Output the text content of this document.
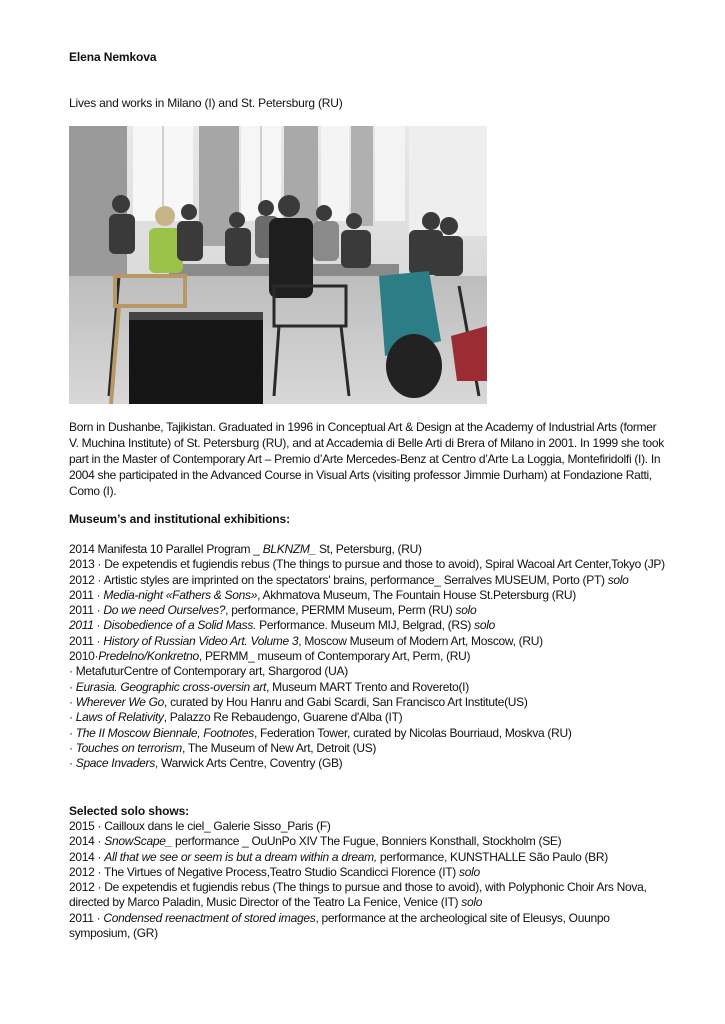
Elena Nemkova
Lives and works in Milano (I) and St. Petersburg (RU)
Born in Dushanbe, Tajikistan. Graduated in 1996 in Conceptual Art & Design at the Academy of Industrial Arts (former V. Muchina Institute) of St. Petersburg (RU), and at Accademia di Belle Arti di Brera of Milano in 2001. In 1999 she took part in the Master of Contemporary Art – Premio d’Arte Mercedes-Benz at Centro d’Arte La Loggia, Montefiridolfi (I). In 2004 she participated in the Advanced Course in Visual Arts (visiting professor Jimmie Durham) at Fondazione Ratti, Como (I).
Museum’s and institutional exhibitions:
2014 Manifesta 10 Parallel Program _ BLKNZM_ St, Petersburg, (RU)
2013 · De expetendis et fugiendis rebus (The things to pursue and those to avoid), Spiral Wacoal Art Center,Tokyo (JP)
2012 · Artistic styles are imprinted on the spectators' brains, performance_ Serralves MUSEUM, Porto (PT) solo
2011 · Media-night «Fathers & Sons», Akhmatova Museum, The Fountain House St.Petersburg (RU)
2011 · Do we need Ourselves?, performance, PERMM Museum, Perm (RU) solo
2011 · Disobedience of a Solid Mass. Performance. Museum MIJ, Belgrad, (RS) solo
2011 · History of Russian Video Art. Volume 3, Moscow Museum of Modern Art, Moscow, (RU)
2010·Predelno/Konkretno, PERMM_ museum of Contemporary Art, Perm, (RU)
· MetafuturCentre of Contemporary art, Shargorod (UA)
· Eurasia. Geographic cross-oversin art, Museum MART Trento and Rovereto(I)
· Wherever We Go, curated by Hou Hanru and Gabi Scardi, San Francisco Art Institute(US)
· Laws of Relativity, Palazzo Re Rebaudengo, Guarene d'Alba (IT)
· The II Moscow Biennale, Footnotes, Federation Tower, curated by Nicolas Bourriaud, Moskva (RU)
· Touches on terrorism, The Museum of New Art, Detroit (US)
· Space Invaders, Warwick Arts Centre, Coventry (GB)
Selected solo shows:
2015 · Cailloux dans le ciel_ Galerie Sisso_Paris (F)
2014 · SnowScape_ performance _ OuUnPo XIV The Fugue, Bonniers Konsthall, Stockholm (SE)
2014 · All that we see or seem is but a dream within a dream, performance, KUNSTHALLE São Paulo (BR)
2012 · The Virtues of Negative Process,Teatro Studio Scandicci Florence (IT) solo
2012 · De expetendis et fugiendis rebus (The things to pursue and those to avoid), with Polyphonic Choir Ars Nova, directed by Marco Paladin, Music Director of the Teatro La Fenice, Venice (IT) solo
2011 · Condensed reenactment of stored images, performance at the archeological site of Eleusys, Ouunpo symposium, (GR)
